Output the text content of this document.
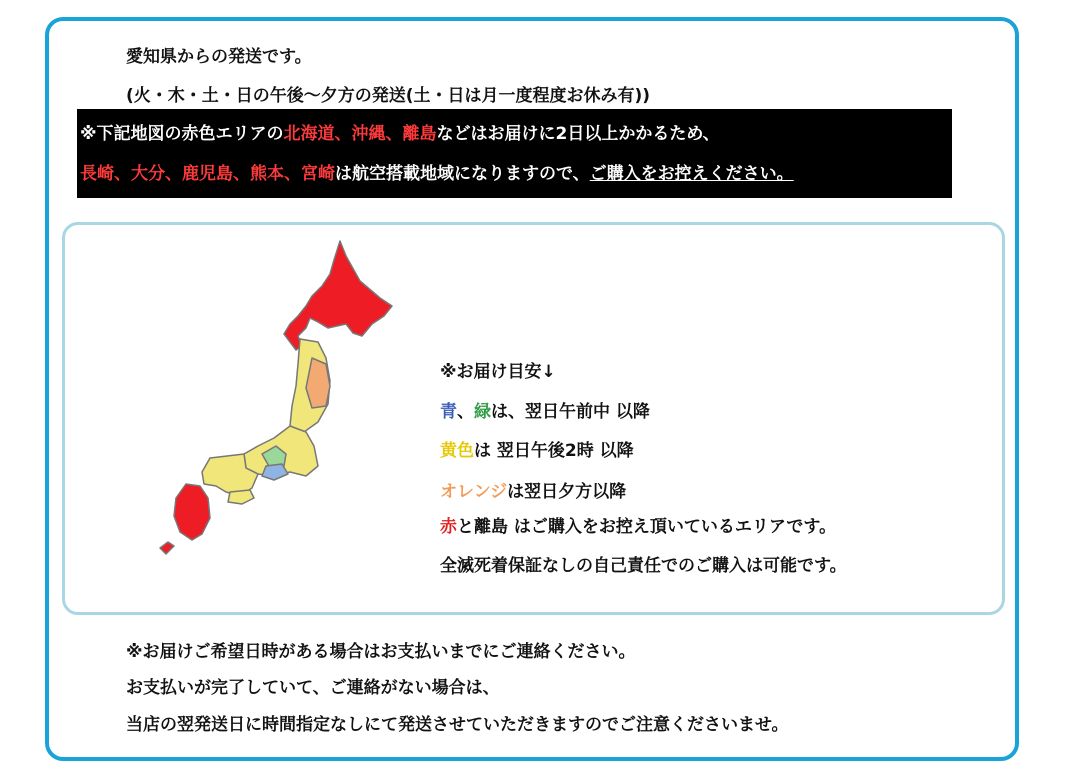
愛知県からの発送です。
(火・木・土・日の午後～夕方の発送(土・日は月一度程度お休み有))
※下記地図の赤色エリアの北海道、沖縄、離島などはお届けに2日以上かかるため、
長崎、大分、鹿児島、熊本、宮崎は航空搭載地域になりますので、ご購入をお控えください。
※お届け目安↓
青、緑は、翌日午前中 以降
黄色は 翌日午後2時 以降
オレンジは翌日夕方以降
赤と離島 はご購入をお控え頂いているエリアです。
全滅死着保証なしの自己責任でのご購入は可能です。
※お届けご希望日時がある場合はお支払いまでにご連絡ください。
お支払いが完了していて、ご連絡がない場合は、
当店の翌発送日に時間指定なしにて発送させていただきますのでご注意くださいませ。
